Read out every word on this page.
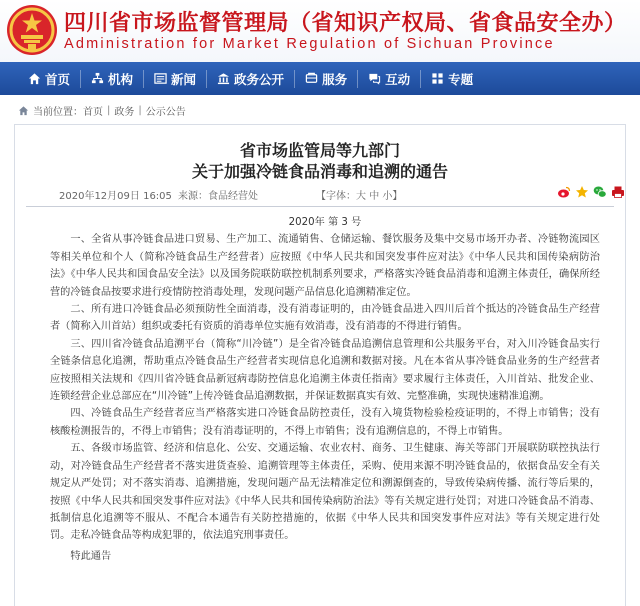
四川省市场监督管理局（省知识产权局、省食品安全办）
Administration for Market Regulation of Sichuan Province
首页	机构	新闻	政务公开	服务	互动	专题
当前位置： 首页 | 政务 | 公示公告
省市场监管局等九部门
关于加强冷链食品消毒和追溯的通告
2020年12月09日 16:05 来源：食品经营处	【字体：大 中 小】

2020年 第 3 号

一、全省从事冷链食品进口贸易、生产加工、流通销售、仓储运输、餐饮服务及集中交易市场开办者、冷链物流园区等相关单位和个人（简称冷链食品生产经营者）应按照《中华人民共和国突发事件应对法》《中华人民共和国传染病防治法》《中华人民共和国食品安全法》以及国务院联防联控机制系列要求，严格落实冷链食品消毒和追溯主体责任，确保所经营的冷链食品按要求进行疫情防控消毒处理，发现问题产品信息化追溯精准定位。

二、所有进口冷链食品必须预防性全面消毒，没有消毒证明的，由冷链食品进入四川后首个抵达的冷链食品生产经营者（简称入川首站）组织或委托有资质的消毒单位实施有效消毒，没有消毒的不得进行销售。

三、四川省冷链食品追溯平台（简称“川冷链”）是全省冷链食品追溯信息管理和公共服务平台，对入川冷链食品实行全链条信息化追溯，帮助重点冷链食品生产经营者实现信息化追溯和数据对接。凡在本省从事冷链食品业务的生产经营者应按照相关法规和《四川省冷链食品新冠病毒防控信息化追溯主体责任指南》要求履行主体责任，入川首站、批发企业、连锁经营企业总部应在“川冷链”上传冷链食品追溯数据，并保证数据真实有效、完整准确，实现快速精准追溯。

四、冷链食品生产经营者应当严格落实进口冷链食品防控责任，没有入境货物检验检疫证明的，不得上市销售；没有核酸检测报告的，不得上市销售；没有消毒证明的，不得上市销售；没有追溯信息的，不得上市销售。

五、各级市场监管、经济和信息化、公安、交通运输、农业农村、商务、卫生健康、海关等部门开展联防联控执法行动，对冷链食品生产经营者不落实进货查验、追溯管理等主体责任，采购、使用来源不明冷链食品的，依据食品安全有关规定从严处罚；对不落实消毒、追溯措施，发现问题产品无法精准定位和溯源倒查的，导致传染病传播、流行等后果的，按照《中华人民共和国突发事件应对法》《中华人民共和国传染病防治法》等有关规定进行处罚；对进口冷链食品不消毒、抵制信息化追溯等不服从、不配合本通告有关防控措施的，依据《中华人民共和国突发事件应对法》等有关规定进行处罚。走私冷链食品等构成犯罪的，依法追究刑事责任。

特此通告
